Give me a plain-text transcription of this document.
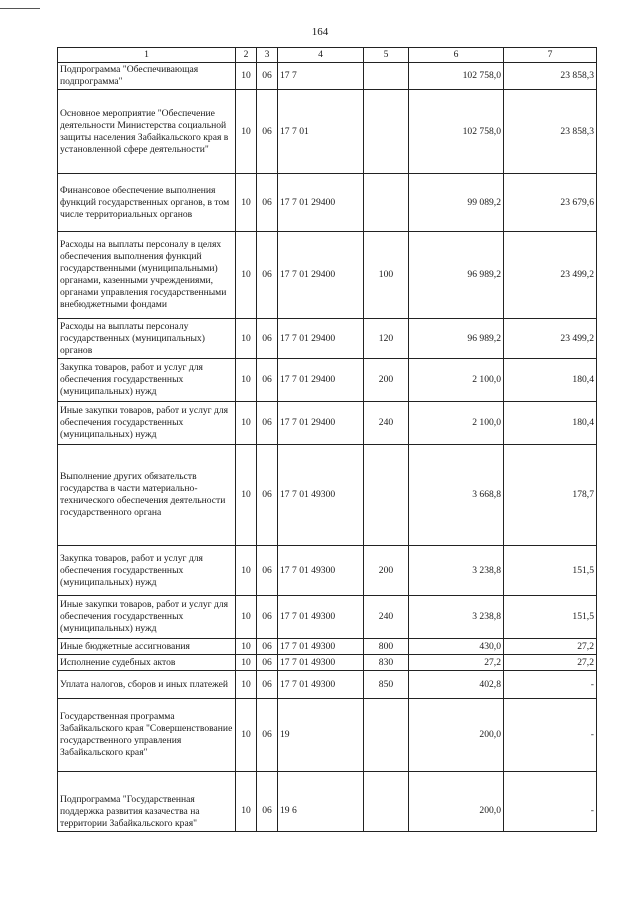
164
1	2	3	4	5	6	7
Подпрограмма "Обеспечивающая подпрограмма"	10	06	17 7		102 758,0	23 858,3
Основное мероприятие "Обеспечение деятельности Министерства социальной защиты населения Забайкальского края в установленной сфере деятельности"	10	06	17 7 01		102 758,0	23 858,3
Финансовое обеспечение выполнения функций государственных органов, в том числе территориальных органов	10	06	17 7 01 29400		99 089,2	23 679,6
Расходы на выплаты персоналу в целях обеспечения выполнения функций государственными (муниципальными) органами, казенными учреждениями, органами управления государственными внебюджетными фондами	10	06	17 7 01 29400	100	96 989,2	23 499,2
Расходы на выплаты персоналу государственных (муниципальных) органов	10	06	17 7 01 29400	120	96 989,2	23 499,2
Закупка товаров, работ и услуг для обеспечения государственных (муниципальных) нужд	10	06	17 7 01 29400	200	2 100,0	180,4
Иные закупки товаров, работ и услуг для обеспечения государственных (муниципальных) нужд	10	06	17 7 01 29400	240	2 100,0	180,4
Выполнение других обязательств государства в части материально-технического обеспечения деятельности государственного органа	10	06	17 7 01 49300		3 668,8	178,7
Закупка товаров, работ и услуг для обеспечения государственных (муниципальных) нужд	10	06	17 7 01 49300	200	3 238,8	151,5
Иные закупки товаров, работ и услуг для обеспечения государственных (муниципальных) нужд	10	06	17 7 01 49300	240	3 238,8	151,5
Иные бюджетные ассигнования	10	06	17 7 01 49300	800	430,0	27,2
Исполнение судебных актов	10	06	17 7 01 49300	830	27,2	27,2
Уплата налогов, сборов и иных платежей	10	06	17 7 01 49300	850	402,8	-
Государственная программа Забайкальского края "Совершенствование государственного управления Забайкальского края"	10	06	19		200,0	-
Подпрограмма "Государственная поддержка развития казачества на территории Забайкальского края"	10	06	19 6		200,0	-
